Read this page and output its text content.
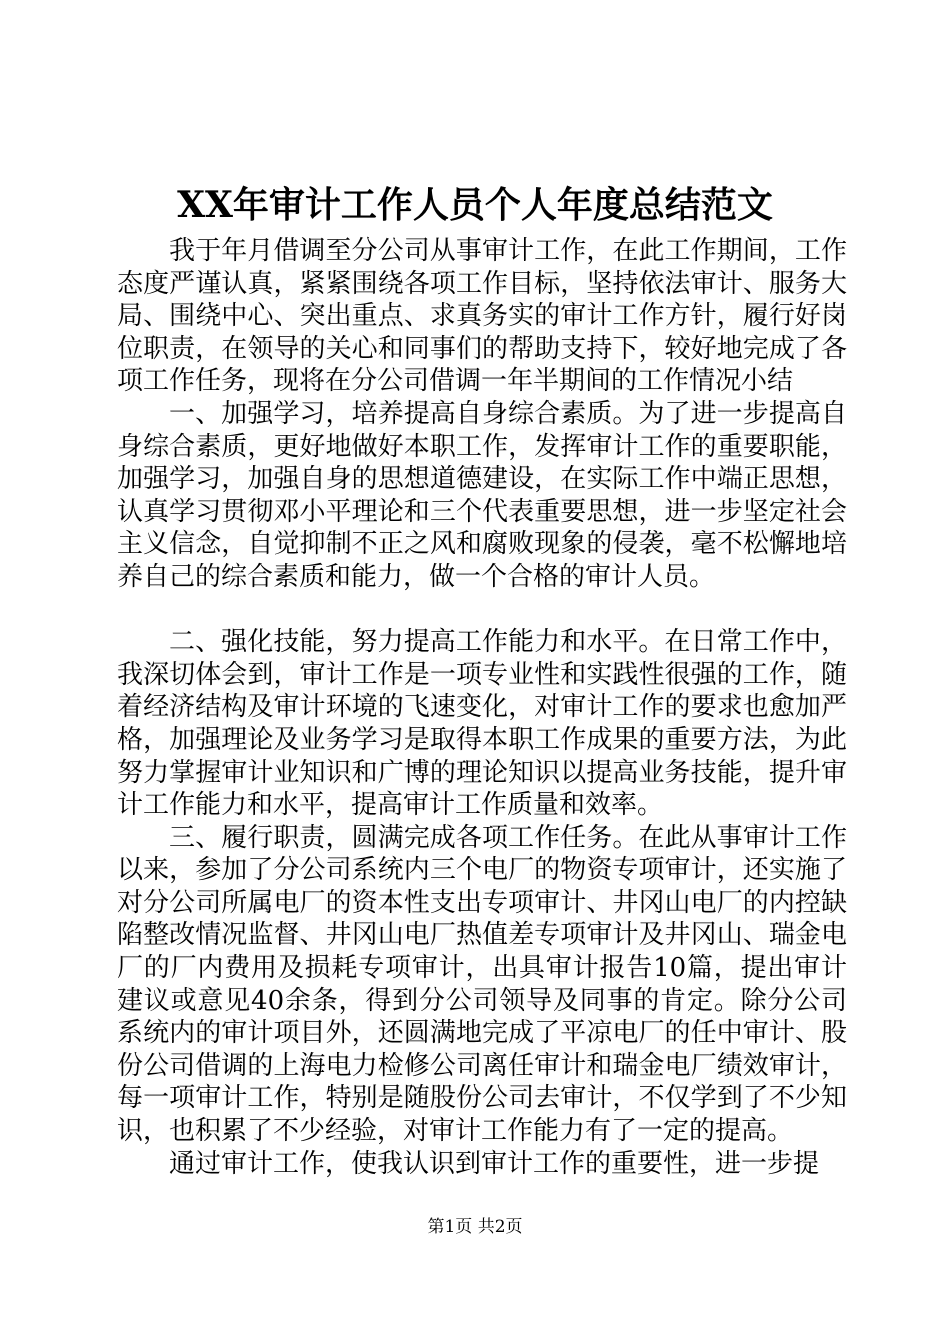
XX年审计工作人员个人年度总结范文

我于年月借调至分公司从事审计工作，在此工作期间，工作态度严谨认真，紧紧围绕各项工作目标，坚持依法审计、服务大局、围绕中心、突出重点、求真务实的审计工作方针，履行好岗位职责，在领导的关心和同事们的帮助支持下，较好地完成了各项工作任务，现将在分公司借调一年半期间的工作情况小结

一、加强学习，培养提高自身综合素质。为了进一步提高自身综合素质，更好地做好本职工作，发挥审计工作的重要职能，加强学习，加强自身的思想道德建设，在实际工作中端正思想，认真学习贯彻邓小平理论和三个代表重要思想，进一步坚定社会主义信念，自觉抑制不正之风和腐败现象的侵袭，毫不松懈地培养自己的综合素质和能力，做一个合格的审计人员。

二、强化技能，努力提高工作能力和水平。在日常工作中，我深切体会到，审计工作是一项专业性和实践性很强的工作，随着经济结构及审计环境的飞速变化，对审计工作的要求也愈加严格，加强理论及业务学习是取得本职工作成果的重要方法，为此努力掌握审计业知识和广博的理论知识以提高业务技能，提升审计工作能力和水平，提高审计工作质量和效率。

三、履行职责，圆满完成各项工作任务。在此从事审计工作以来，参加了分公司系统内三个电厂的物资专项审计，还实施了对分公司所属电厂的资本性支出专项审计、井冈山电厂的内控缺陷整改情况监督、井冈山电厂热值差专项审计及井冈山、瑞金电厂的厂内费用及损耗专项审计，出具审计报告10篇，提出审计建议或意见40余条，得到分公司领导及同事的肯定。除分公司系统内的审计项目外，还圆满地完成了平凉电厂的任中审计、股份公司借调的上海电力检修公司离任审计和瑞金电厂绩效审计，每一项审计工作，特别是随股份公司去审计，不仅学到了不少知识，也积累了不少经验，对审计工作能力有了一定的提高。

通过审计工作，使我认识到审计工作的重要性，进一步提

第1页 共2页
